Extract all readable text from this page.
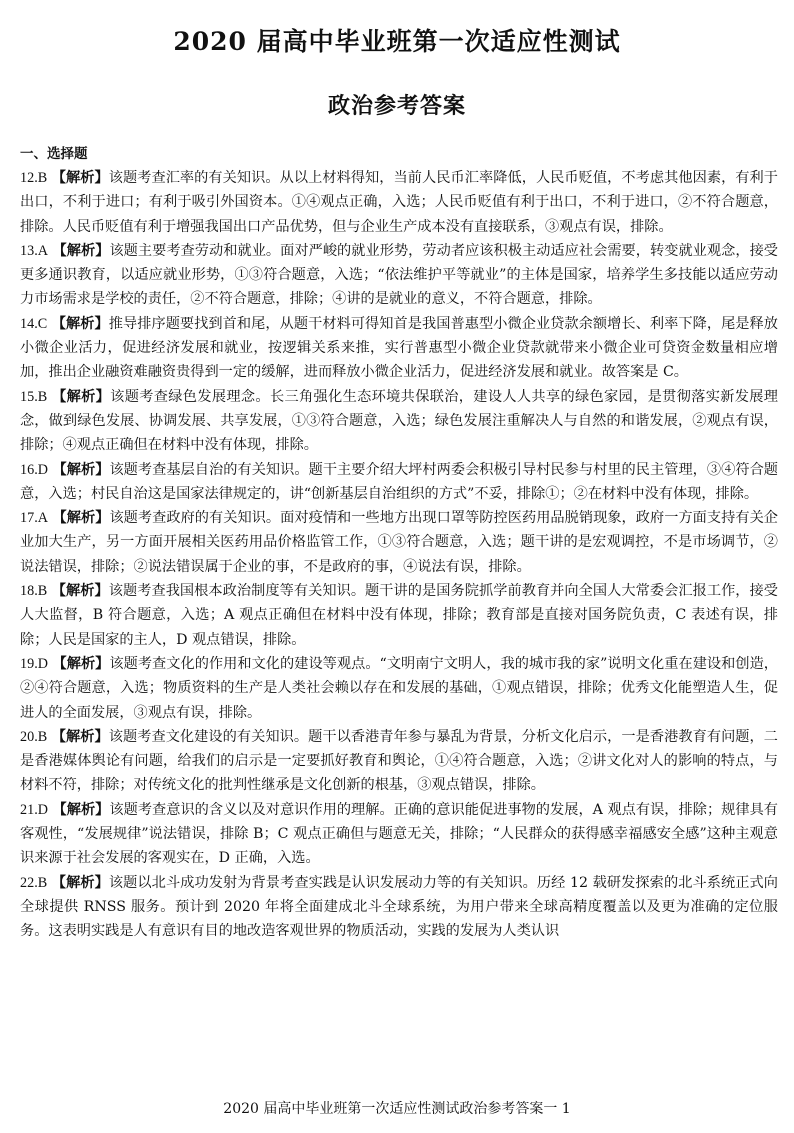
2020 届高中毕业班第一次适应性测试
政治参考答案
一、选择题

12.B 【解析】该题考查汇率的有关知识。从以上材料得知，当前人民币汇率降低，人民币贬值，不考虑其他因素，有利于出口，不利于进口；有利于吸引外国资本。①④观点正确，入选；人民币贬值有利于出口，不利于进口，②不符合题意，排除。人民币贬值有利于增强我国出口产品优势，但与企业生产成本没有直接联系，③观点有误，排除。

13.A 【解析】该题主要考查劳动和就业。面对严峻的就业形势，劳动者应该积极主动适应社会需要，转变就业观念，接受更多通识教育，以适应就业形势，①③符合题意，入选；“依法维护平等就业”的主体是国家，培养学生多技能以适应劳动力市场需求是学校的责任，②不符合题意，排除；④讲的是就业的意义，不符合题意，排除。

14.C 【解析】推导排序题要找到首和尾，从题干材料可得知首是我国普惠型小微企业贷款余额增长、利率下降，尾是释放小微企业活力，促进经济发展和就业，按逻辑关系来推，实行普惠型小微企业贷款就带来小微企业可贷资金数量相应增加，推出企业融资难融资贵得到一定的缓解，进而释放小微企业活力，促进经济发展和就业。故答案是 C。

15.B 【解析】该题考查绿色发展理念。长三角强化生态环境共保联治，建设人人共享的绿色家园，是贯彻落实新发展理念，做到绿色发展、协调发展、共享发展，①③符合题意，入选；绿色发展注重解决人与自然的和谐发展，②观点有误，排除；④观点正确但在材料中没有体现，排除。

16.D 【解析】该题考查基层自治的有关知识。题干主要介绍大坪村两委会积极引导村民参与村里的民主管理，③④符合题意，入选；村民自治这是国家法律规定的，讲“创新基层自治组织的方式”不妥，排除①；②在材料中没有体现，排除。

17.A 【解析】该题考查政府的有关知识。面对疫情和一些地方出现口罩等防控医药用品脱销现象，政府一方面支持有关企业加大生产，另一方面开展相关医药用品价格监管工作，①③符合题意，入选；题干讲的是宏观调控，不是市场调节，②说法错误，排除；②说法错误属于企业的事，不是政府的事，④说法有误，排除。

18.B 【解析】该题考查我国根本政治制度等有关知识。题干讲的是国务院抓学前教育并向全国人大常委会汇报工作，接受人大监督，B 符合题意，入选；A 观点正确但在材料中没有体现，排除；教育部是直接对国务院负责，C 表述有误，排除；人民是国家的主人，D 观点错误，排除。

19.D 【解析】该题考查文化的作用和文化的建设等观点。“文明南宁文明人，我的城市我的家”说明文化重在建设和创造，②④符合题意，入选；物质资料的生产是人类社会赖以存在和发展的基础，①观点错误，排除；优秀文化能塑造人生，促进人的全面发展，③观点有误，排除。

20.B 【解析】该题考查文化建设的有关知识。题干以香港青年参与暴乱为背景，分析文化启示，一是香港教育有问题，二是香港媒体舆论有问题，给我们的启示是一定要抓好教育和舆论，①④符合题意，入选；②讲文化对人的影响的特点，与材料不符，排除；对传统文化的批判性继承是文化创新的根基，③观点错误，排除。

21.D 【解析】该题考查意识的含义以及对意识作用的理解。正确的意识能促进事物的发展，A 观点有误，排除；规律具有客观性，“发展规律”说法错误，排除 B；C 观点正确但与题意无关，排除；“人民群众的获得感幸福感安全感”这种主观意识来源于社会发展的客观实在，D 正确，入选。

22.B 【解析】该题以北斗成功发射为背景考查实践是认识发展动力等的有关知识。历经 12 载研发探索的北斗系统正式向全球提供 RNSS 服务。预计到 2020 年将全面建成北斗全球系统，为用户带来全球高精度覆盖以及更为准确的定位服务。这表明实践是人有意识有目的地改造客观世界的物质活动，实践的发展为人类认识

2020 届高中毕业班第一次适应性测试政治参考答案一 1
